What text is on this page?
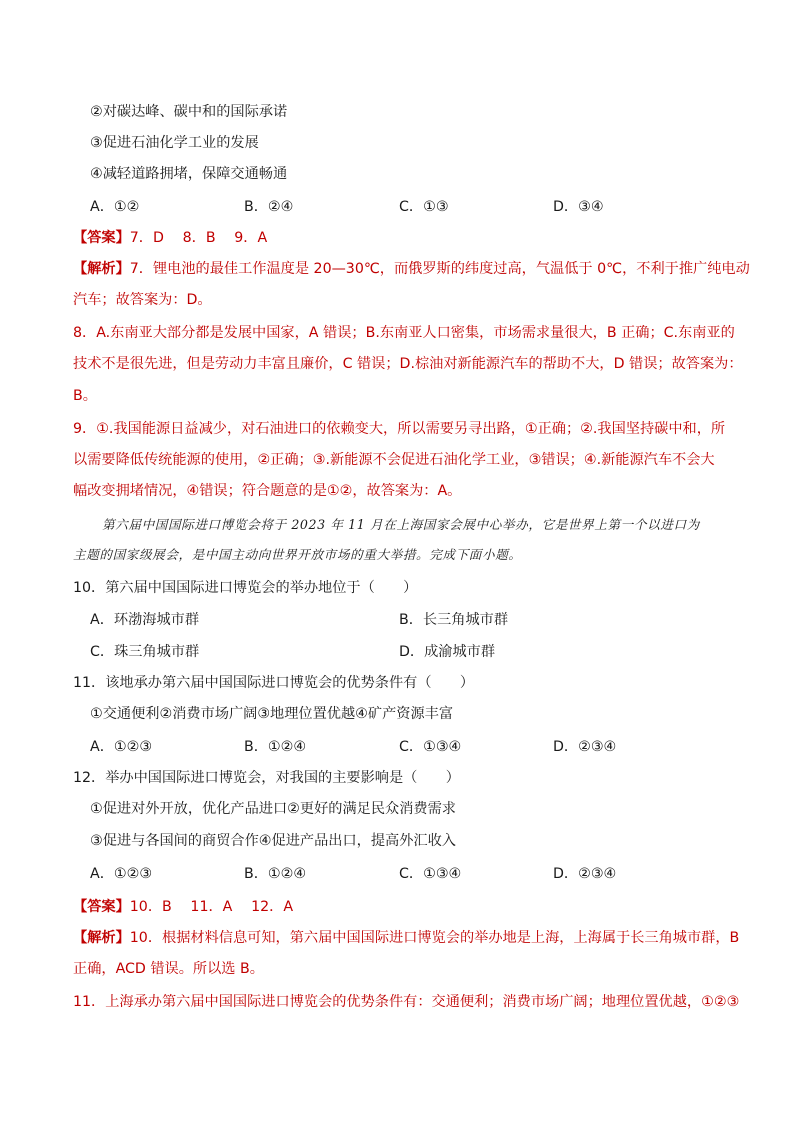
②对碳达峰、碳中和的国际承诺
③促进石油化学工业的发展
④减轻道路拥堵，保障交通畅通
A．①②	B．②④	C．①③	D．③④
【答案】7．D　 8．B　 9．A
【解析】7．锂电池的最佳工作温度是 20—30℃，而俄罗斯的纬度过高，气温低于 0℃，不利于推广纯电动
汽车；故答案为：D。
8．A.东南亚大部分都是发展中国家，A 错误；B.东南亚人口密集，市场需求量很大，B 正确；C.东南亚的
技术不是很先进，但是劳动力丰富且廉价，C 错误；D.棕油对新能源汽车的帮助不大，D 错误；故答案为：
B。
9．①.我国能源日益减少，对石油进口的依赖变大，所以需要另寻出路，①正确；②.我国坚持碳中和，所
以需要降低传统能源的使用，②正确；③.新能源不会促进石油化学工业，③错误；④.新能源汽车不会大
幅改变拥堵情况，④错误；符合题意的是①②，故答案为：A。
第六届中国国际进口博览会将于 2023 年 11 月在上海国家会展中心举办，它是世界上第一个以进口为
主题的国家级展会，是中国主动向世界开放市场的重大举措。完成下面小题。
10．第六届中国国际进口博览会的举办地位于（　　）
A．环渤海城市群	B．长三角城市群
C．珠三角城市群	D．成渝城市群
11．该地承办第六届中国国际进口博览会的优势条件有（　　）
①交通便利②消费市场广阔③地理位置优越④矿产资源丰富
A．①②③	B．①②④	C．①③④	D．②③④
12．举办中国国际进口博览会，对我国的主要影响是（　　）
①促进对外开放，优化产品进口②更好的满足民众消费需求
③促进与各国间的商贸合作④促进产品出口，提高外汇收入
A．①②③	B．①②④	C．①③④	D．②③④
【答案】10．B　 11．A　 12．A
【解析】10．根据材料信息可知，第六届中国国际进口博览会的举办地是上海，上海属于长三角城市群，B
正确，ACD 错误。所以选 B。
11．上海承办第六届中国国际进口博览会的优势条件有：交通便利；消费市场广阔；地理位置优越，①②③
